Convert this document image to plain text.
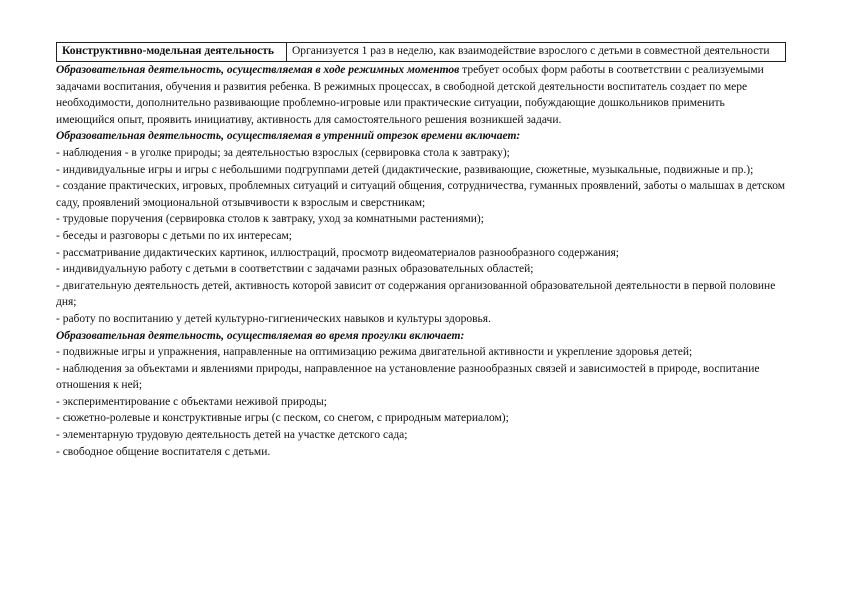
Конструктивно-модельная деятельность	Организуется 1 раз в неделю, как взаимодействие взрослого с детьми в совместной деятельности

Образовательная деятельность, осуществляемая в ходе режимных моментов требует особых форм работы в соответствии с реализуемыми задачами воспитания, обучения и развития ребенка. В режимных процессах, в свободной детской деятельности воспитатель создает по мере необходимости, дополнительно развивающие проблемно-игровые или практические ситуации, побуждающие дошкольников применить имеющийся опыт, проявить инициативу, активность для самостоятельного решения возникшей задачи.

Образовательная деятельность, осуществляемая в утренний отрезок времени включает:

- наблюдения - в уголке природы; за деятельностью взрослых (сервировка стола к завтраку);

- индивидуальные игры и игры с небольшими подгруппами детей (дидактические, развивающие, сюжетные, музыкальные, подвижные и пр.);

- создание практических, игровых, проблемных ситуаций и ситуаций общения, сотрудничества, гуманных проявлений, заботы о малышах в детском саду, проявлений эмоциональной отзывчивости к взрослым и сверстникам;

- трудовые поручения (сервировка столов к завтраку, уход за комнатными растениями);

- беседы и разговоры с детьми по их интересам;

- рассматривание дидактических картинок, иллюстраций, просмотр видеоматериалов разнообразного содержания;

- индивидуальную работу с детьми в соответствии с задачами разных образовательных областей;

- двигательную деятельность детей, активность которой зависит от содержания организованной образовательной деятельности в первой половине дня;

- работу по воспитанию у детей культурно-гигиенических навыков и культуры здоровья.

Образовательная деятельность, осуществляемая во время прогулки включает:

- подвижные игры и упражнения, направленные на оптимизацию режима двигательной активности и укрепление здоровья детей;

- наблюдения за объектами и явлениями природы, направленное на установление разнообразных связей и зависимостей в природе, воспитание отношения к ней;

- экспериментирование с объектами неживой природы;

- сюжетно-ролевые и конструктивные игры (с песком, со снегом, с природным материалом);

- элементарную трудовую деятельность детей на участке детского сада;

- свободное общение воспитателя с детьми.
